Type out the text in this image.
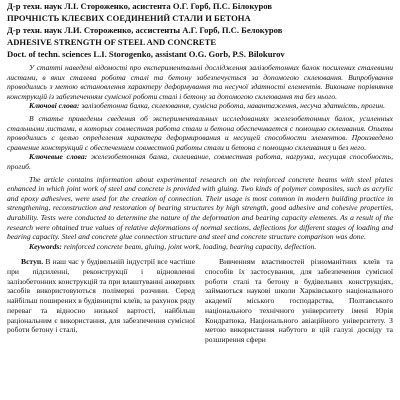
Д-р техн. наук Л.І. Стороженко, асистента О.Г. Горб, П.С. Білокуров

ПРОЧНІСТЬ КЛЕЄВИХ СОЕДИНЕНИЙ СТАЛИ И БЕТОНА

Д-р техн. наук Л.И. Стороженко, ассистенты А.Г. Горб, П.С. Белокуров

ADHESIVE STRENGTH OF STEEL AND CONCRETE

Doct. of techn. sciences L.I. Storogenko, assistant O.G. Gorb, P.S. Bilokurov

У статті наведені відомості про експериментальні дослідження залізобетонних балок посилених сталевими листами, в яких сталева робота сталі та бетону забезпечується за допомогою склеювання. Випробування проводились з метою встановлення характеру деформування та несучої здатності елементів. Виконане порівняння конструкцій із забезпеченням сумісної роботи сталі і бетону за допомогою склеювання та без нього.

Ключові слова: залізобетонна балка, склеювання, сумісна робота, навантаження, несуча здатність, прогин.

В статье приведены сведения об экспериментальных исследованиях железобетонных балок, усиленных стальными листами, в которых совместная работа стали и бетона обеспечивается с помощью склеивания. Опыты проводились с целью определения характера деформирования и несущей способности элементов. Произведено сравнение конструкций с обеспечением совместной работы стали и бетона с помощью склеивания и без него.

Ключевые слова: железобетонная балка, склеивание, совместная работа, нагрузка, несущая способность, прогиб.

The article contains information about experimental research on the reinforced concrete beams with steel plates enhanced in which joint work of steel and concrete is provided with gluing. Two kinds of polymer composites, such as acrylic and epoxy adhesives, were used for the creation of connection. Their usage is most common in modern building practice in strengthening, reconstruction and restoration of bearing structures by high strength, good adhesive and cohesive properties, durability. Tests were conducted to determine the nature of the deformation and bearing capacity elements. As a result of the research were obtained true values of relative deformations of normal sections, deflections for different stages of loading and bearing capacity. Steel and concrete glue connection structure and steel and concrete structure comparison was done.

Keywords: reinforced concrete beam, gluing, joint work, loading, bearing capacity, deflection.

Вступ. В наш час у будівельній індустрії все частіше при підсиленні, реконструкції і відновленні залізобетонних конструкцій та при влаштуванні анкерних засобів використовуються полімерні розчини. Серед найбільш поширених в будівництві клеїв, за рахунок ряду переваг та відносно низької вартості, найбільш раціональним є використання, для забезпечення сумісної роботи бетону і сталі,

Вивченням властивостей різноманітних клеїв та способів їх застосування, для забезпечення сумісної роботи сталі та бетону в будівельних конструкціях, займаються наукові школи Харківського національного академії міського господарства, Полтавського національного технічного університету імені Юрія Кондратюка, Національного авіаційного університету. З метою використання набутого в цій галузі досвіду та розширення сфери
